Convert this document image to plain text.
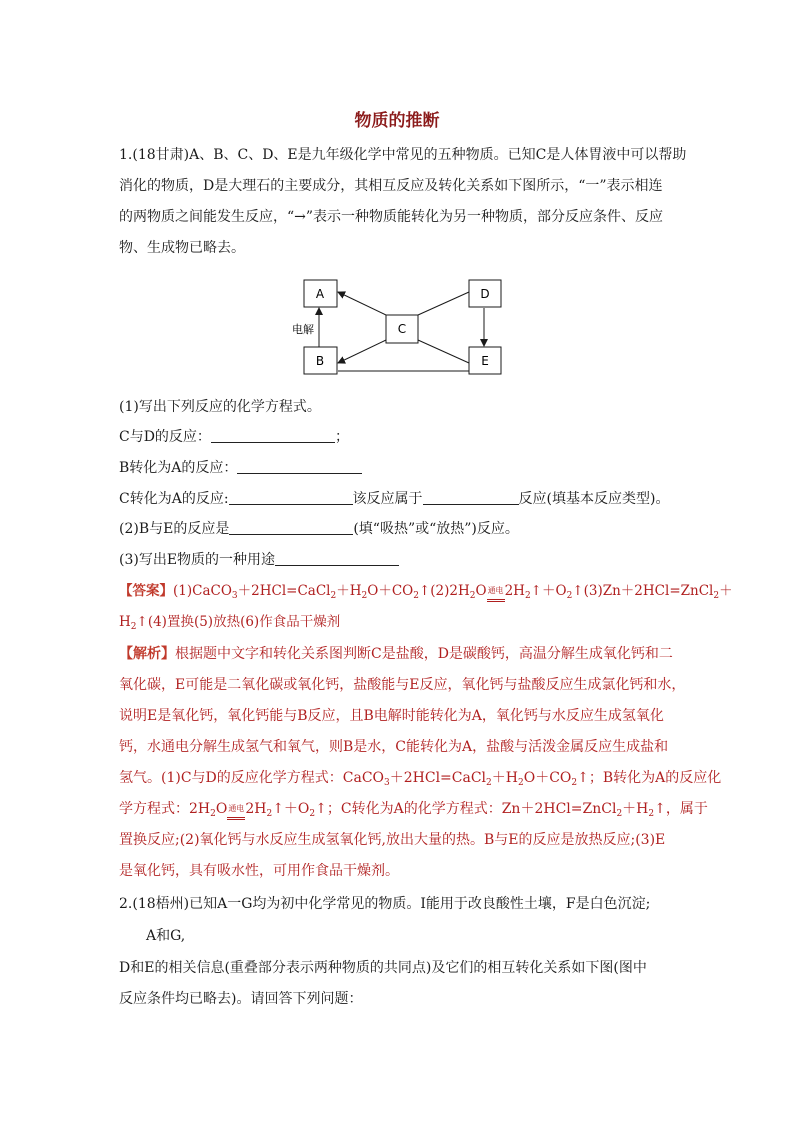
物质的推断
1.(18甘肃)A、B、C、D、E是九年级化学中常见的五种物质。已知C是人体胃液中可以帮助
消化的物质，D是大理石的主要成分，其相互反应及转化关系如下图所示，“一”表示相连
的两物质之间能发生反应，“→”表示一种物质能转化为另一种物质，部分反应条件、反应
物、生成物已略去。
A
B
C
D
E
电解
(1)写出下列反应的化学方程式。
C与D的反应：	；
B转化为A的反应：
C转化为A的反应:	该反应属于	反应(填基本反应类型)。
(2)B与E的反应是	(填“吸热”或“放热”)反应。
(3)写出E物质的一种用途
【答案】$(1)CaCO_3+2HCl=CaCl_2+H_2O+CO_2↑(2)2H_2O$通电$2H_2↑+O_2↑(3)Zn+2HCl=ZnCl_2+$
$H_2↑(4)$置换(5)放热(6)作食品干燥剂
【解析】根据题中文字和转化关系图判断C是盐酸，D是碳酸钙，高温分解生成氧化钙和二
氧化碳，E可能是二氧化碳或氧化钙，盐酸能与E反应，氧化钙与盐酸反应生成氯化钙和水，
说明E是氧化钙，氧化钙能与B反应，且B电解时能转化为A，氧化钙与水反应生成氢氧化
钙，水通电分解生成氢气和氧气，则B是水，C能转化为A，盐酸与活泼金属反应生成盐和
氢气。(1)C与D的反应化学方程式：$CaCO_3+2HCl=CaCl_2+H_2O+CO_2↑$；B转化为A的反应化
学方程式：$2H_2O$通电$2H_2↑+O_2↑$；C转化为A的化学方程式：$Zn+2HCl=ZnCl_2+H_2↑$，属于
置换反应;(2)氧化钙与水反应生成氢氧化钙,放出大量的热。B与E的反应是放热反应;(3)E
是氧化钙，具有吸水性，可用作食品干燥剂。
2.(18梧州)已知A一G均为初中化学常见的物质。I能用于改良酸性土壤，F是白色沉淀;
A和G,
D和E的相关信息(重叠部分表示两种物质的共同点)及它们的相互转化关系如下图(图中
反应条件均已略去)。请回答下列问题：
